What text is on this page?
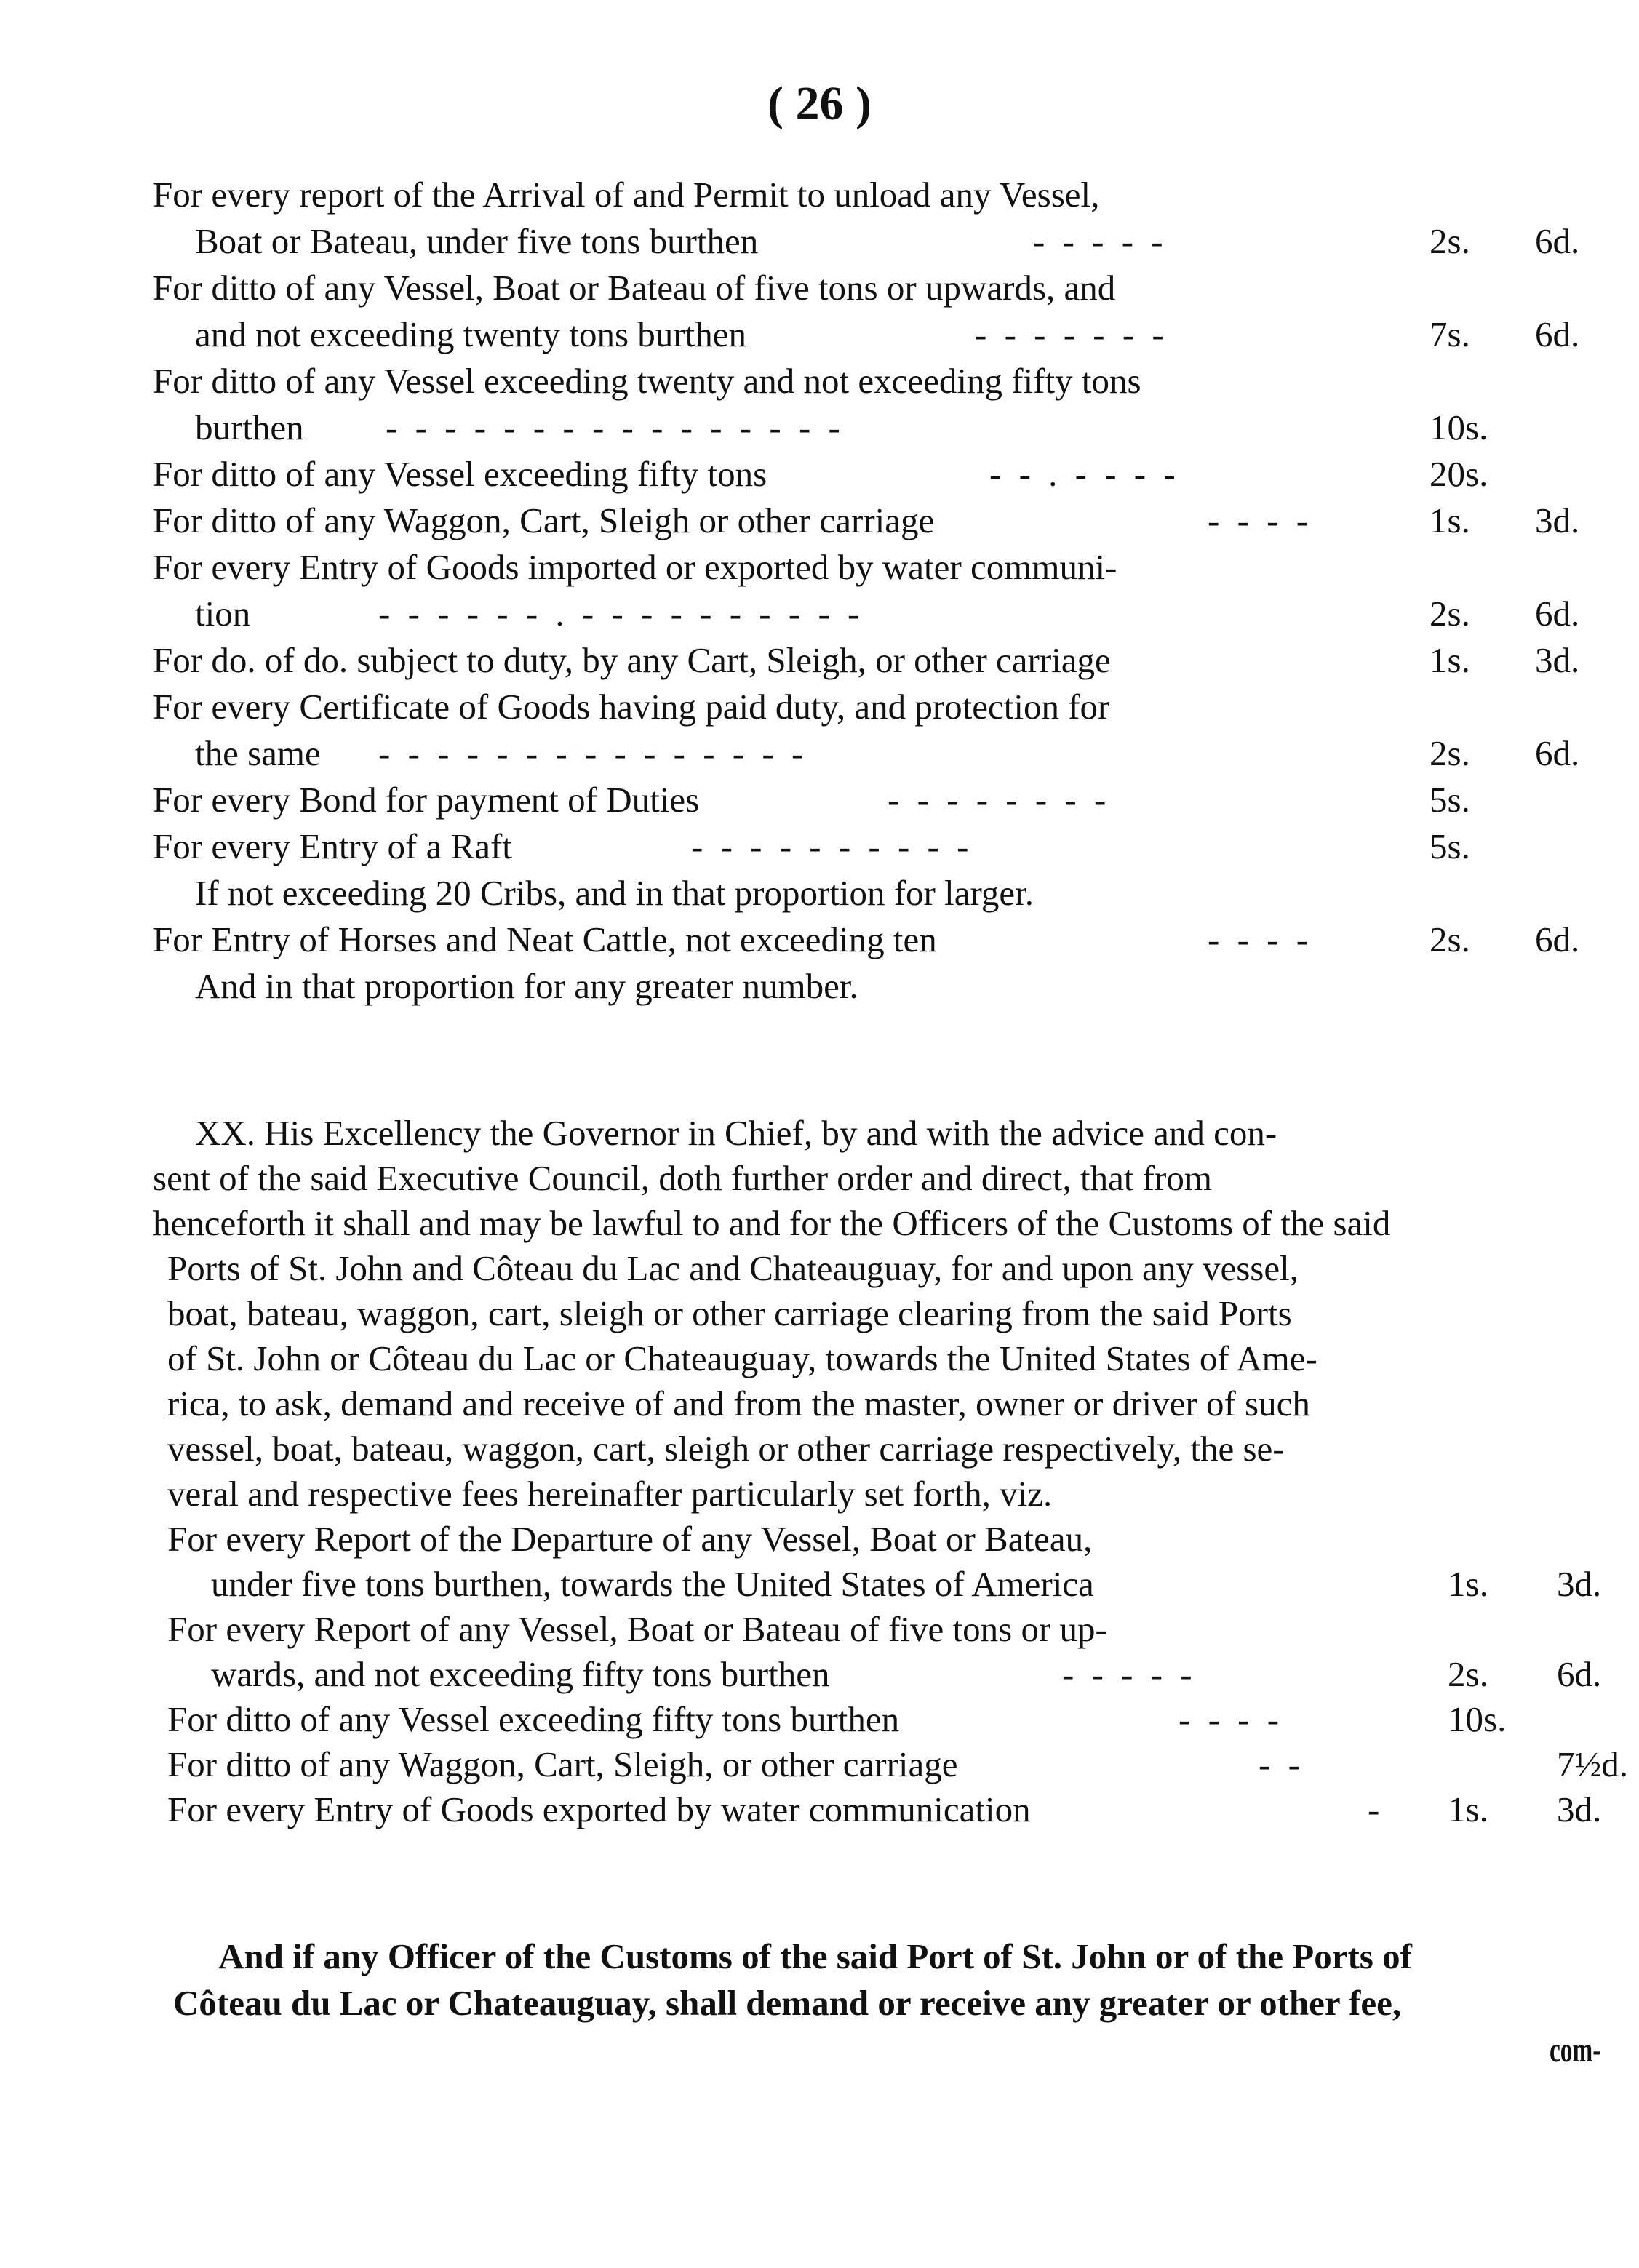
( 26 )
For every report of the Arrival of and Permit to unload any Vessel,
Boat or Bateau, under five tons burthen	- - - - -	2s. 6d.
For ditto of any Vessel, Boat or Bateau of five tons or upwards, and
and not exceeding twenty tons burthen	- - - - - - -	7s. 6d.
For ditto of any Vessel exceeding twenty and not exceeding fifty tons
burthen - - - - - - - - - - - - - - - -	10s.
For ditto of any Vessel exceeding fifty tons	- - . - - - -	20s.
For ditto of any Waggon, Cart, Sleigh or other carriage	- - - -	1s. 3d.
For every Entry of Goods imported or exported by water communi-
tion	- - - - - - . - - - - - - - - - -	2s. 6d.
For do. of do. subject to duty, by any Cart, Sleigh, or other carriage	1s. 3d.
For every Certificate of Goods having paid duty, and protection for
the same - - - - - - - - - - - - - - -	2s. 6d.
For every Bond for payment of Duties	- - - - - - - -	5s.
For every Entry of a Raft	- - - - - - - - - -	5s.
If not exceeding 20 Cribs, and in that proportion for larger.
For Entry of Horses and Neat Cattle, not exceeding ten	- - - -	2s. 6d.
And in that proportion for any greater number.
XX. His Excellency the Governor in Chief, by and with the advice and con-
sent of the said Executive Council, doth further order and direct, that from
henceforth it shall and may be lawful to and for the Officers of the Customs of the said
Ports of St. John and Côteau du Lac and Chateauguay, for and upon any vessel,
boat, bateau, waggon, cart, sleigh or other carriage clearing from the said Ports
of St. John or Côteau du Lac or Chateauguay, towards the United States of Ame-
rica, to ask, demand and receive of and from the master, owner or driver of such
vessel, boat, bateau, waggon, cart, sleigh or other carriage respectively, the se-
veral and respective fees hereinafter particularly set forth, viz.
For every Report of the Departure of any Vessel, Boat or Bateau,
under five tons burthen, towards the United States of America	1s. 3d.
For every Report of any Vessel, Boat or Bateau of five tons or up-
wards, and not exceeding fifty tons burthen	- - - - -	2s. 6d.
For ditto of any Vessel exceeding fifty tons burthen	- - - -	10s.
For ditto of any Waggon, Cart, Sleigh, or other carriage	- -	7½d.
For every Entry of Goods exported by water communication	- 1s. 3d.
And if any Officer of the Customs of the said Port of St. John or of the Ports of
Côteau du Lac or Chateauguay, shall demand or receive any greater or other fee,
com-
